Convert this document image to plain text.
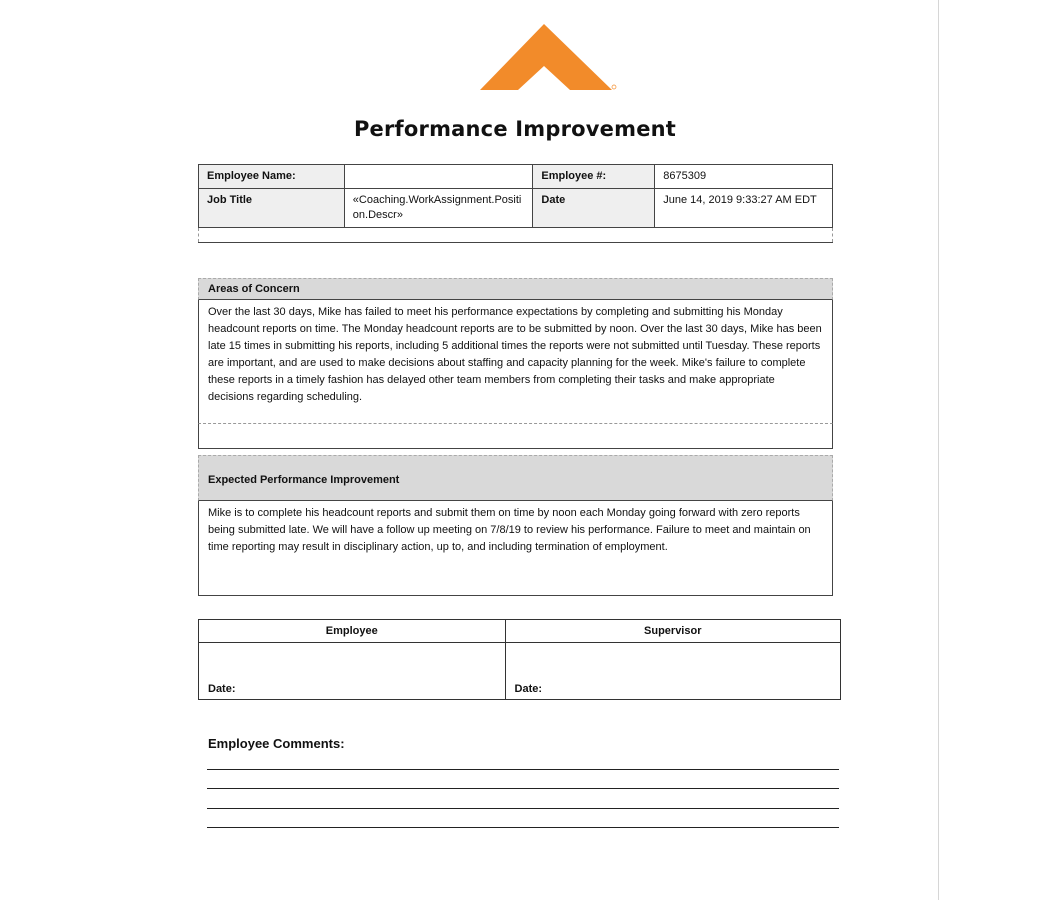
Performance Improvement
Employee Name:		Employee #:	8675309
Job Title	«Coaching.WorkAssignment.Position.Descr»	Date	June 14, 2019 9:33:27 AM EDT

Areas of Concern
Over the last 30 days, Mike has failed to meet his performance expectations by completing and submitting his Monday headcount reports on time. The Monday headcount reports are to be submitted by noon. Over the last 30 days, Mike has been late 15 times in submitting his reports, including 5 additional times the reports were not submitted until Tuesday. These reports are important, and are used to make decisions about staffing and capacity planning for the week. Mike's failure to complete these reports in a timely fashion has delayed other team members from completing their tasks and make appropriate decisions regarding scheduling.
Expected Performance Improvement
Mike is to complete his headcount reports and submit them on time by noon each Monday going forward with zero reports being submitted late. We will have a follow up meeting on 7/8/19 to review his performance. Failure to meet and maintain on time reporting may result in disciplinary action, up to, and including termination of employment.
Employee	Supervisor
Date:	Date:
Employee Comments:
